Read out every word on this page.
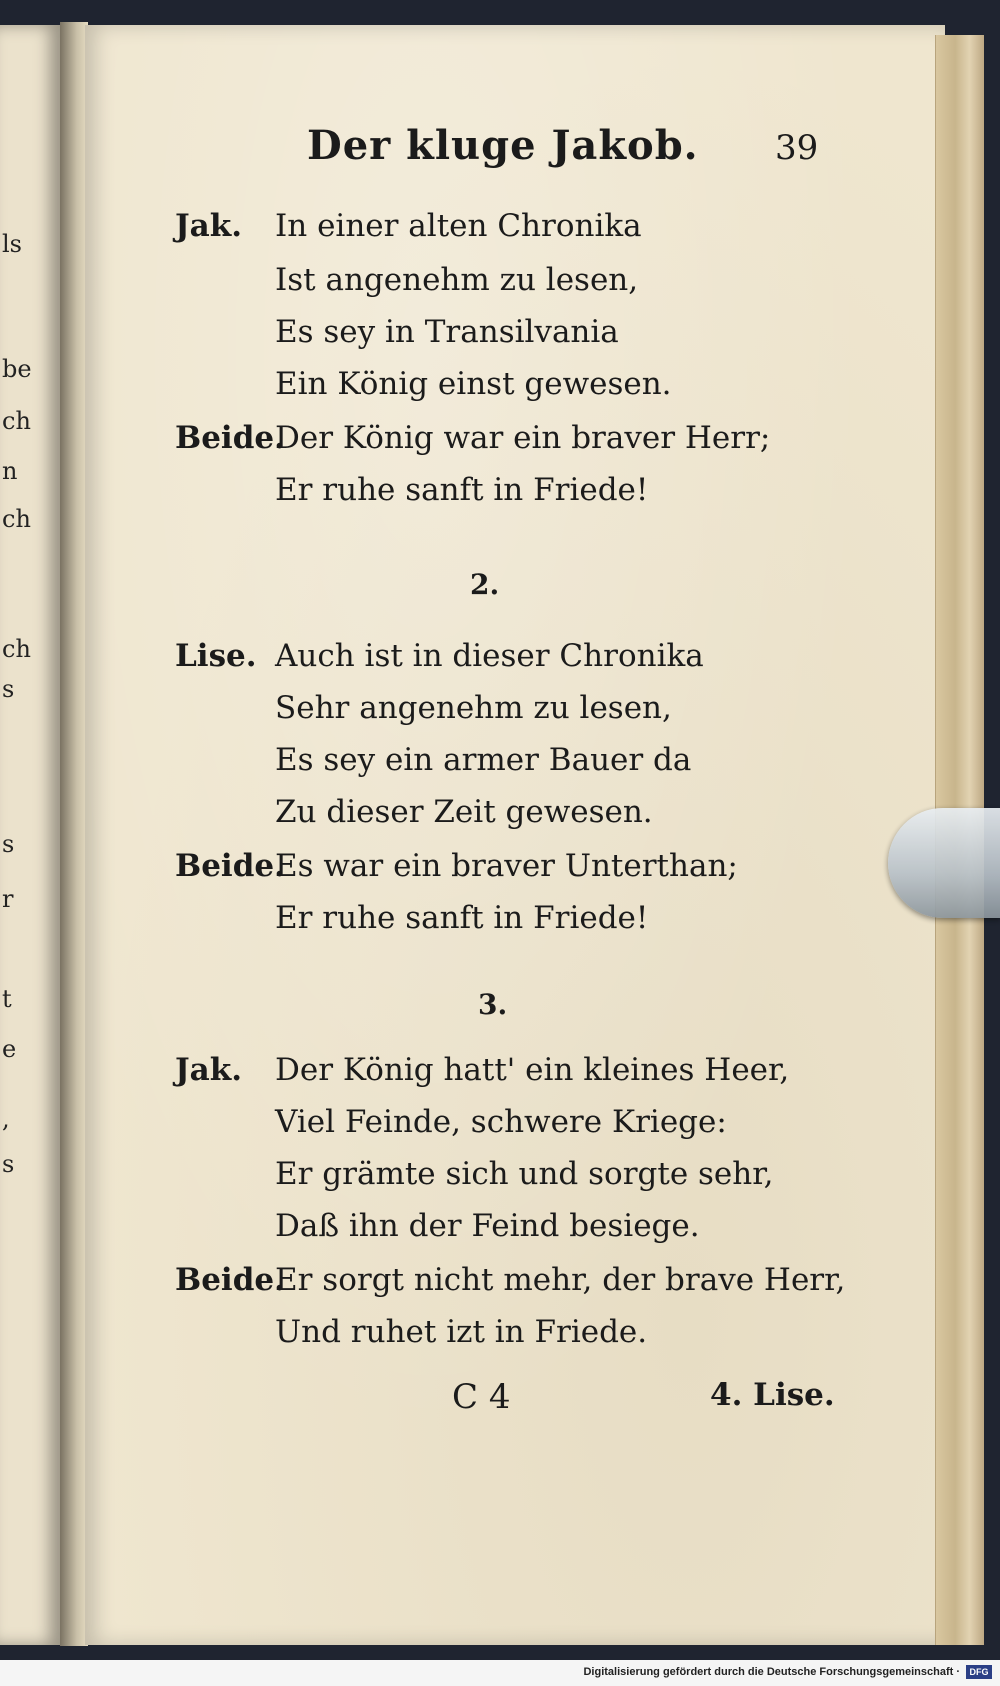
ls
be
ch
n
ch
ch
s
s
r
t
e
,
s
Der kluge Jakob. 39
Jak. In einer alten Chronika
Ist angenehm zu lesen,
Es sey in Transilvania
Ein König einst gewesen.
Beide.
Der König war ein braver Herr;
Er ruhe sanft in Friede!
2.
Lise. Auch ist in dieser Chronika
Sehr angenehm zu lesen,
Es sey ein armer Bauer da
Zu dieser Zeit gewesen.
Beide.
Es war ein braver Unterthan;
Er ruhe sanft in Friede!
3.
Jak. Der König hatt' ein kleines Heer,
Viel Feinde, schwere Kriege:
Er grämte sich und sorgte sehr,
Daß ihn der Feind besiege.
Beide.
Er sorgt nicht mehr, der brave Herr,
Und ruhet izt in Friede.
C 4	4. Lise.
Digitalisierung gefördert durch die Deutsche Forschungsgemeinschaft ·	DFG
